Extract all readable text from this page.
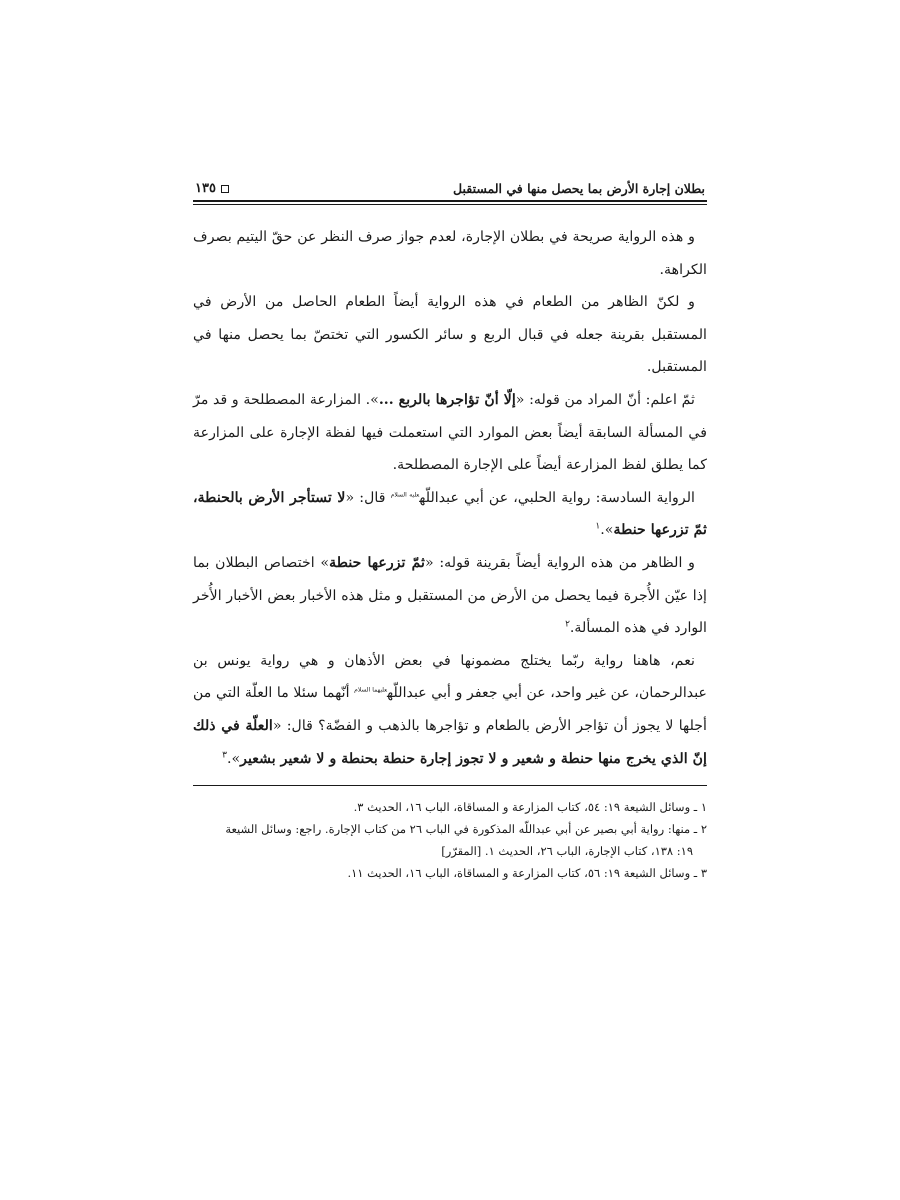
بطلان إجارة الأرض بما يحصل منها في المستقبل
١٣٥

و هذه الرواية صريحة في بطلان الإجارة، لعدم جواز صرف النظر عن حقّ اليتيم بصرف الكراهة.

و لكنّ الظاهر من الطعام في هذه الرواية أيضاً الطعام الحاصل من الأرض في المستقبل بقرينة جعله في قبال الربع و سائر الكسور التي تختصّ بما يحصل منها في المستقبل.

ثمّ اعلم: أنّ المراد من قوله: «إلّا أنّ تؤاجرها بالربع ...». المزارعة المصطلحة و قد مرّ في المسألة السابقة أيضاً بعض الموارد التي استعملت فيها لفظة الإجارة على المزارعة كما يطلق لفظ المزارعة أيضاً على الإجارة المصطلحة.

الرواية السادسة: رواية الحلبي، عن أبي عبداللّه$^{عليه السلام}$ قال: «لا تستأجر الأرض بالحنطة، ثمّ تزرعها حنطة».$^١$

و الظاهر من هذه الرواية أيضاً بقرينة قوله: «ثمّ تزرعها حنطة» اختصاص البطلان بما إذا عيّن الأُجرة فيما يحصل من الأرض من المستقبل و مثل هذه الأخبار بعض الأخبار الأُخر الوارد في هذه المسألة.$^٢$

نعم، هاهنا رواية ربّما يختلج مضمونها في بعض الأذهان و هي رواية يونس بن عبدالرحمان، عن غير واحد، عن أبي جعفر و أبي عبداللّه$^{عليهما السلام}$ أنّهما سئلا ما العلّة التي من أجلها لا يجوز أن تؤاجر الأرض بالطعام و تؤاجرها بالذهب و الفضّة؟ قال: «العلّة في ذلك إنّ الذي يخرج منها حنطة و شعير و لا تجوز إجارة حنطة بحنطة و لا شعير بشعير».$^٣$

١ ـ وسائل الشيعة ١٩: ٥٤، كتاب المزارعة و المساقاة، الباب ١٦، الحديث ٣.

٢ ـ منها: رواية أبي بصير عن أبي عبداللّه المذكورة في الباب ٢٦ من كتاب الإجارة. راجع: وسائل الشيعة

١٩: ١٣٨، كتاب الإجارة، الباب ٢٦، الحديث ١. [المقرّر]

٣ ـ وسائل الشيعة ١٩: ٥٦، كتاب المزارعة و المساقاة، الباب ١٦، الحديث ١١.
